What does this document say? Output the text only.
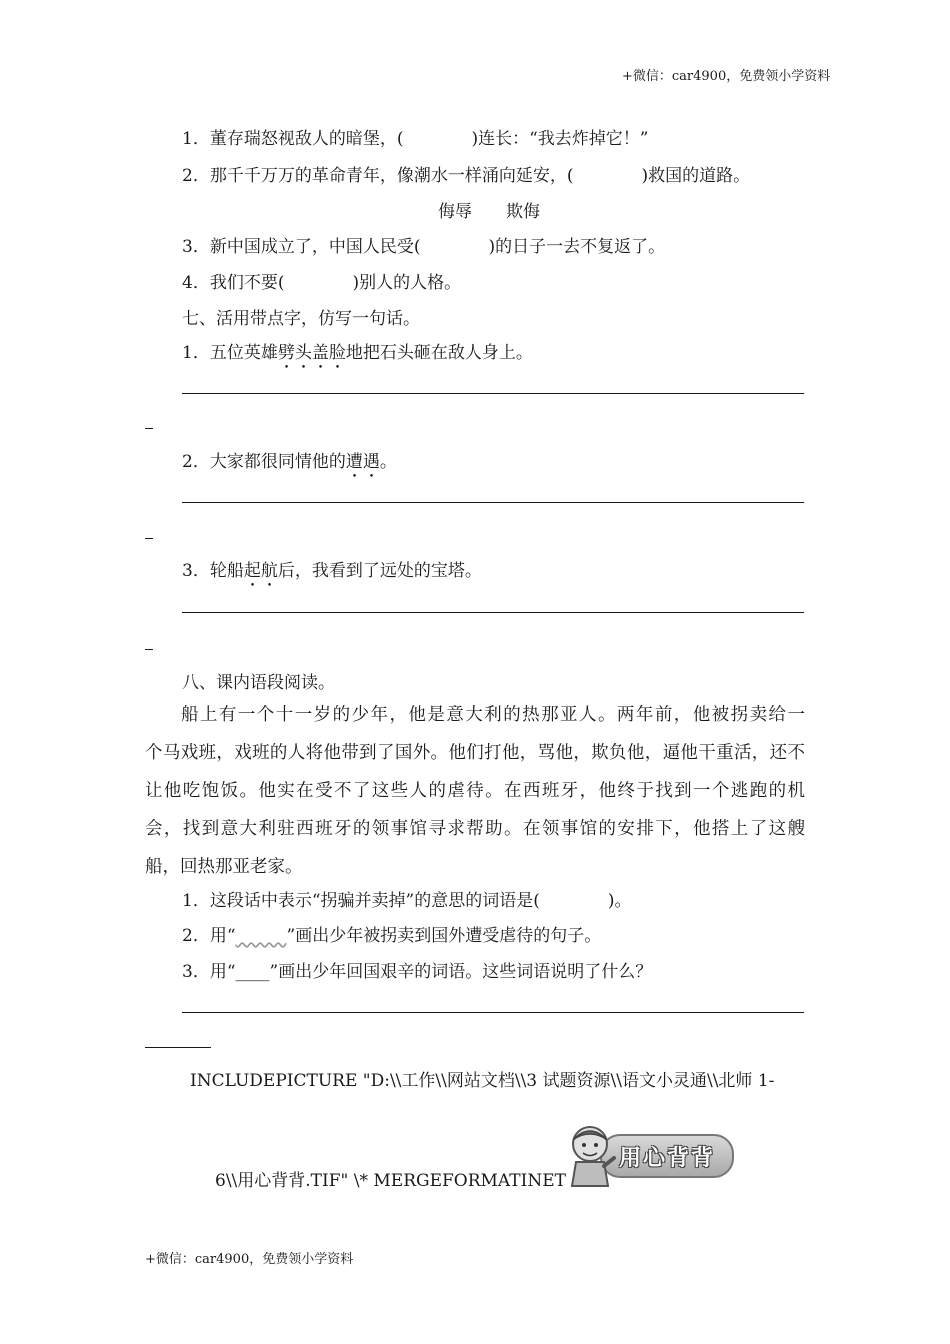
+微信：car4900，免费领小学资料
1．董存瑞怒视敌人的暗堡，(　　　　)连长：“我去炸掉它！”
2．那千千万万的革命青年，像潮水一样涌向延安，(　　　　)救国的道路。
侮辱　　欺侮
3．新中国成立了，中国人民受(　　　　)的日子一去不复返了。
4．我们不要(　　　　)别人的人格。
七、活用带点字，仿写一句话。
1．五位英雄劈头盖脸地把石头砸在敌人身上。
2．大家都很同情他的遭遇。
3．轮船起航后，我看到了远处的宝塔。
八、课内语段阅读。
船上有一个十一岁的少年，他是意大利的热那亚人。两年前，他被拐卖给一
个马戏班，戏班的人将他带到了国外。他们打他，骂他，欺负他，逼他干重活，还不
让他吃饱饭。他实在受不了这些人的虐待。在西班牙，他终于找到一个逃跑的机
会，找到意大利驻西班牙的领事馆寻求帮助。在领事馆的安排下，他搭上了这艘
船，回热那亚老家。
1．这段话中表示“拐骗并卖掉”的意思的词语是(　　　　)。
2．用“	”画出少年被拐卖到国外遭受虐待的句子。
3．用“____”画出少年回国艰辛的词语。这些词语说明了什么？
INCLUDEPICTURE "D:\\工作\\网站文档\\3 试题资源\\语文小灵通\\北师 1-
6\\用心背背.TIF" \* MERGEFORMATINET
用心背背
+微信：car4900，免费领小学资料
